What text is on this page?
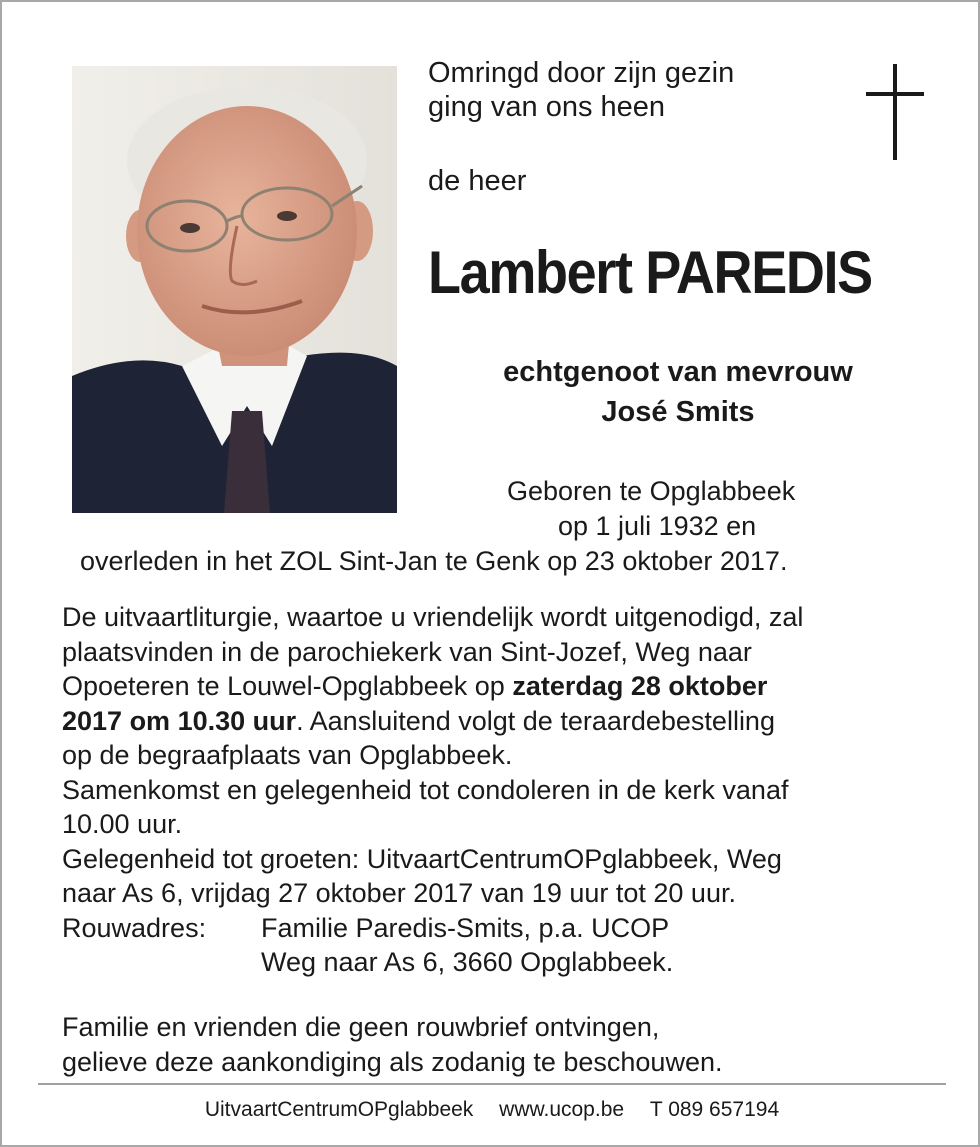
Omringd door zijn gezin
ging van ons heen
de heer
Lambert PAREDIS
echtgenoot van mevrouw
José Smits
Geboren te Opglabbeek
op 1 juli 1932 en
overleden in het ZOL Sint-Jan te Genk op 23 oktober 2017.
De uitvaartliturgie, waartoe u vriendelijk wordt uitgenodigd, zal
plaatsvinden in de parochiekerk van Sint-Jozef, Weg naar
Opoeteren te Louwel-Opglabbeek op zaterdag 28 oktober
2017 om 10.30 uur. Aansluitend volgt de teraardebestelling
op de begraafplaats van Opglabbeek.
Samenkomst en gelegenheid tot condoleren in de kerk vanaf
10.00 uur.
Gelegenheid tot groeten: UitvaartCentrumOPglabbeek, Weg
naar As 6, vrijdag 27 oktober 2017 van 19 uur tot 20 uur.
Rouwadres: Familie Paredis-Smits, p.a. UCOP
Weg naar As 6, 3660 Opglabbeek.
Familie en vrienden die geen rouwbrief ontvingen,
gelieve deze aankondiging als zodanig te beschouwen.
UitvaartCentrumOPglabbeek www.ucop.be T 089 657194
